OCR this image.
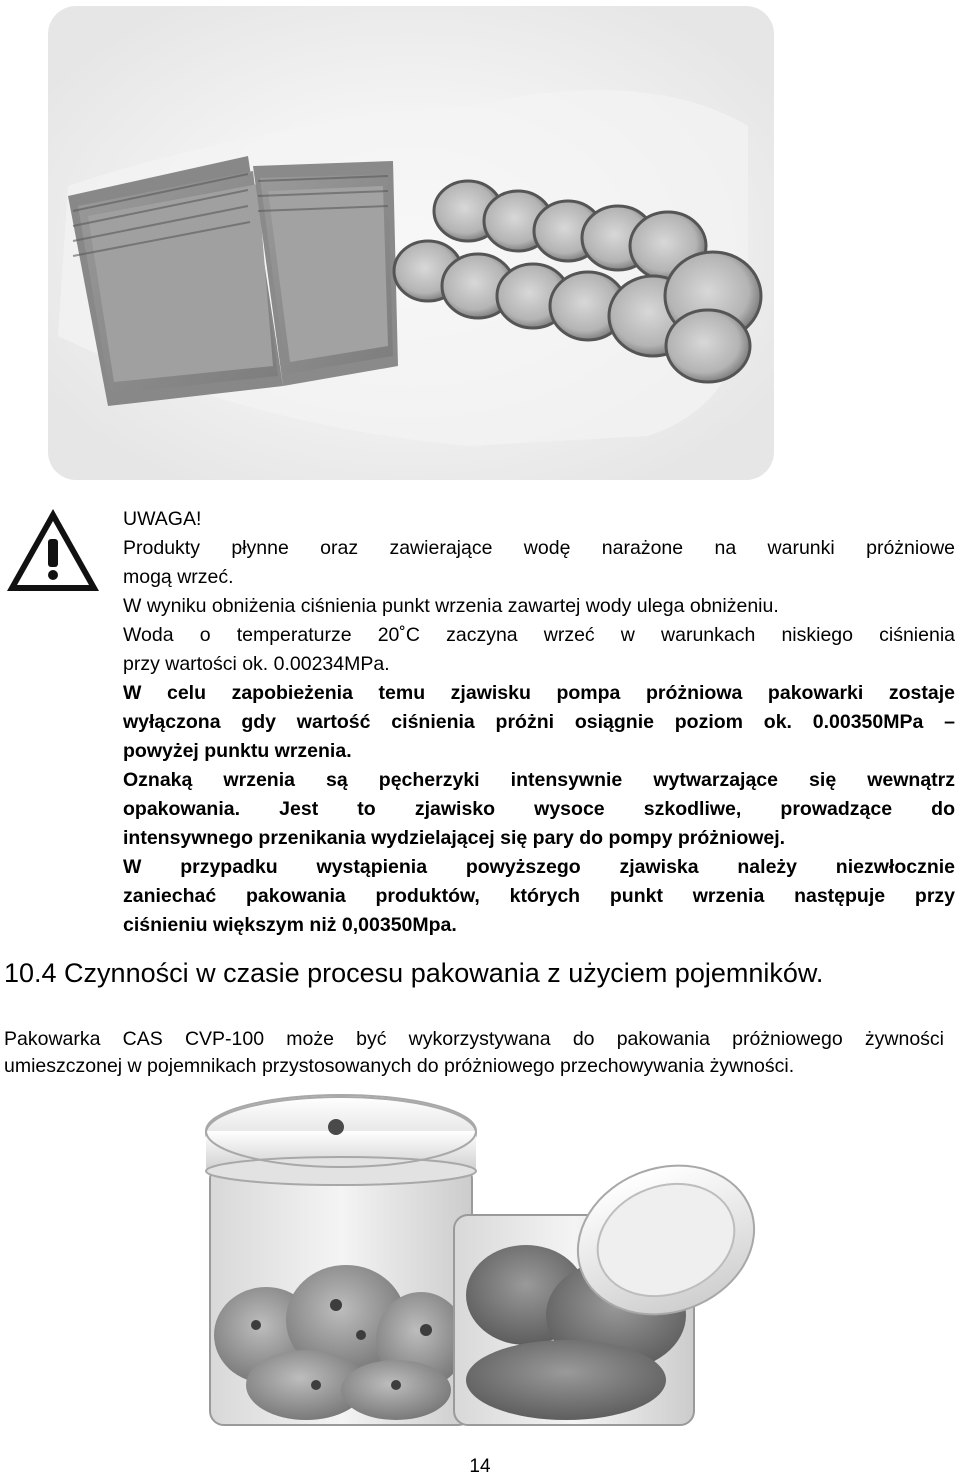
UWAGA!

Produkty płynne oraz zawierające wodę narażone na warunki próżniowe

mogą wrzeć.

W wyniku obniżenia ciśnienia punkt wrzenia zawartej wody ulega obniżeniu.

Woda o temperaturze 20˚C zaczyna wrzeć w warunkach niskiego ciśnienia

przy wartości ok. 0.00234MPa.

W celu zapobieżenia temu zjawisku pompa próżniowa pakowarki zostaje

wyłączona gdy wartość ciśnienia próżni osiągnie poziom ok. 0.00350MPa –

powyżej punktu wrzenia.

Oznaką wrzenia są pęcherzyki intensywnie wytwarzające się wewnątrz

opakowania. Jest to zjawisko wysoce szkodliwe, prowadzące do

intensywnego przenikania wydzielającej się pary do pompy próżniowej.

W przypadku wystąpienia powyższego zjawiska należy niezwłocznie

zaniechać pakowania produktów, których punkt wrzenia następuje przy

ciśnieniu większym niż 0,00350Mpa.

10.4 Czynności w czasie procesu pakowania z użyciem pojemników.

Pakowarka CAS CVP-100 może być wykorzystywana do pakowania próżniowego żywności
umieszczonej w pojemnikach przystosowanych do próżniowego przechowywania żywności.

14
